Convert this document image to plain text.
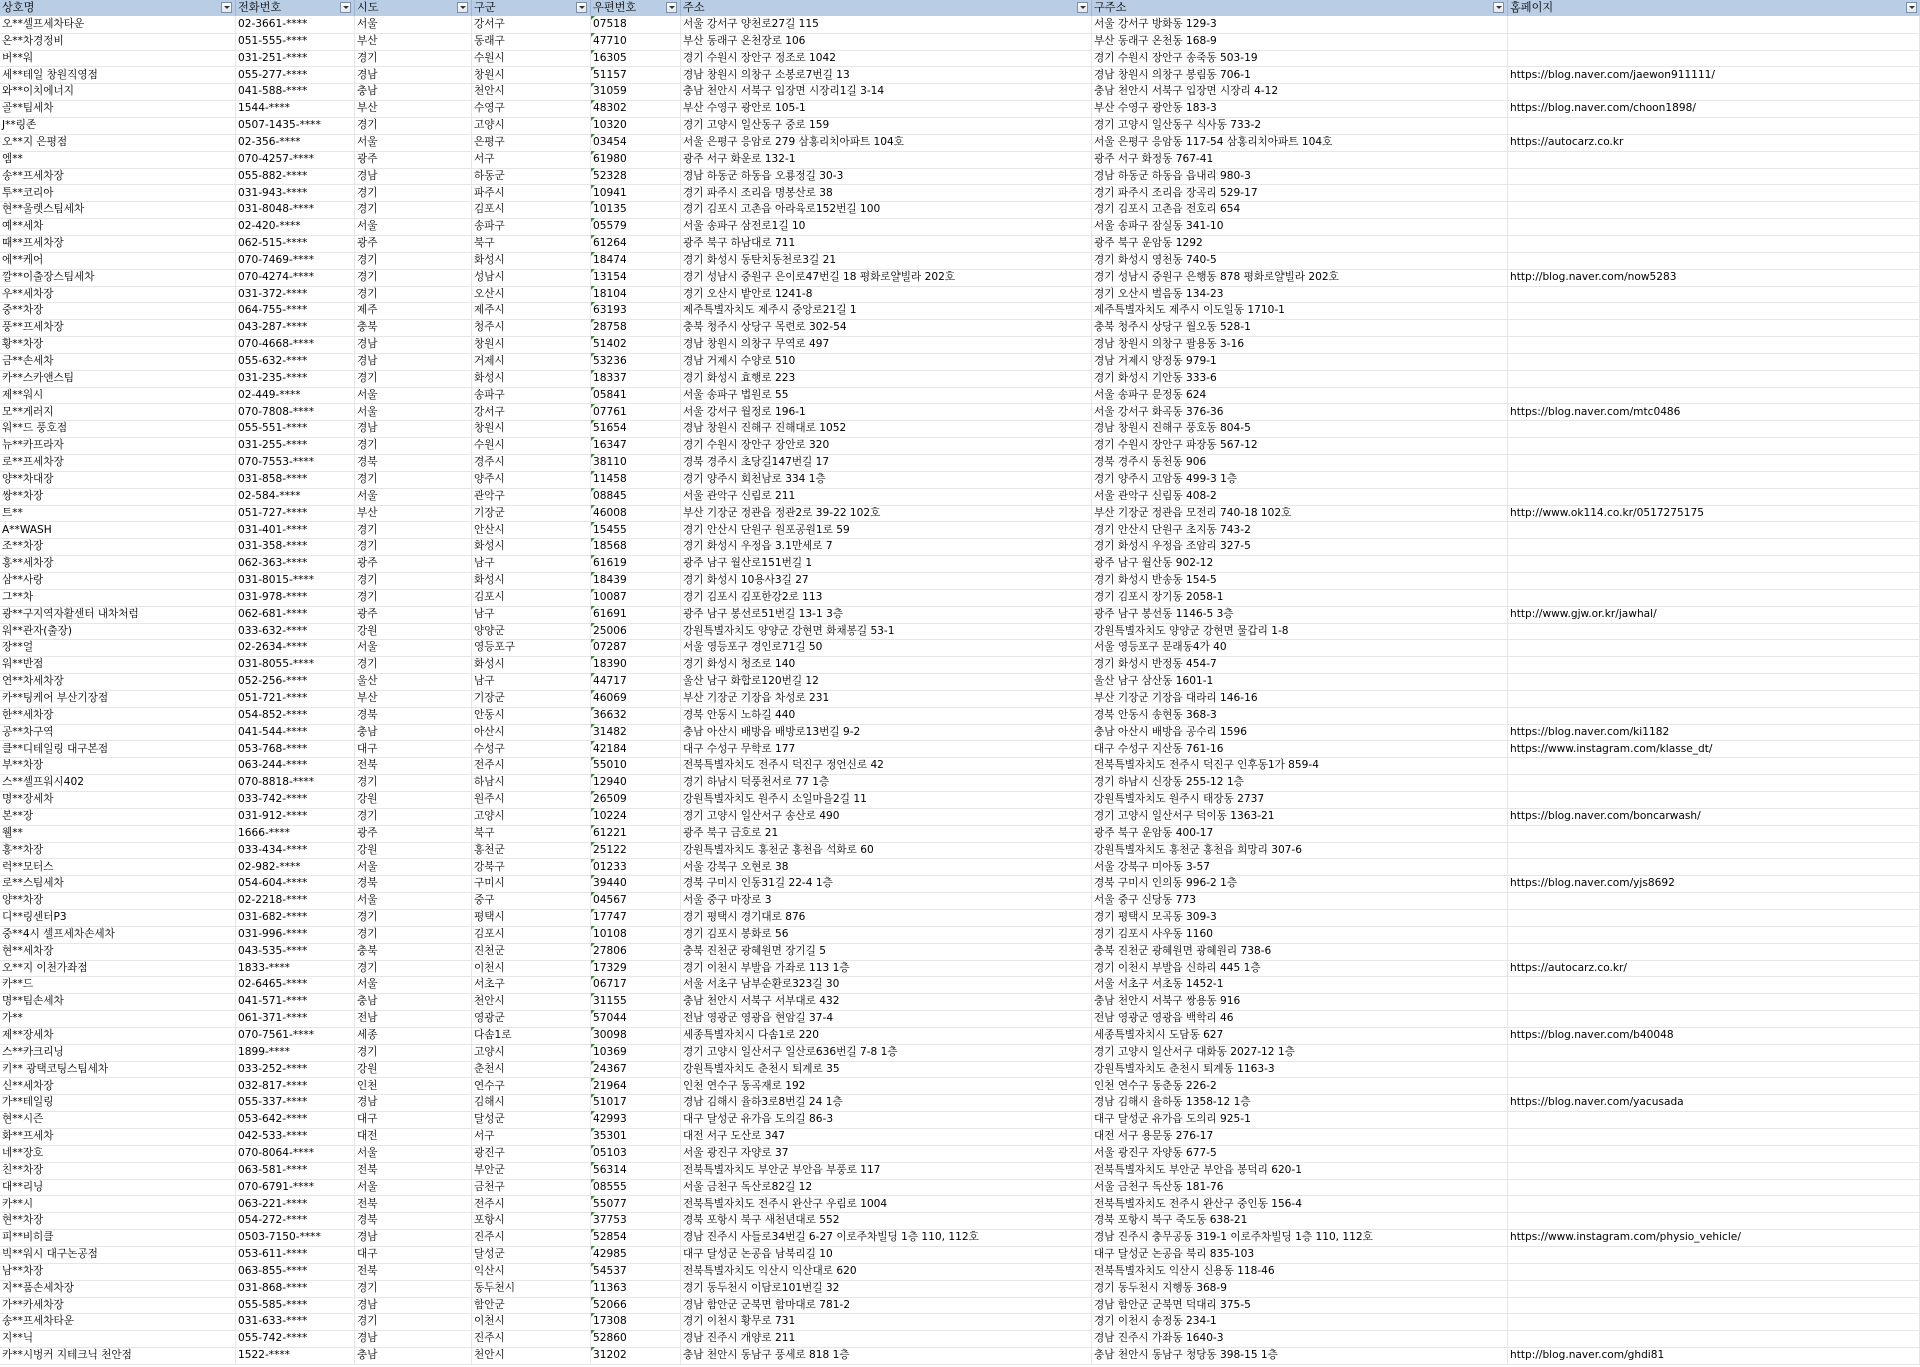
상호명	전화번호	시도	구군	우편번호	주소	구주소	홈페이지
오**셀프세차타운	02-3661-****	서울	강서구	07518	서울 강서구 양천로27길 115	서울 강서구 방화동 129-3
온**차경정비	051-555-****	부산	동래구	47710	부산 동래구 온천장로 106	부산 동래구 온천동 168-9
버**워	031-251-****	경기	수원시	16305	경기 수원시 장안구 정조로 1042	경기 수원시 장안구 송죽동 503-19
세**테일 창원직영점	055-277-****	경남	창원시	51157	경남 창원시 의창구 소봉로7번길 13	경남 창원시 의창구 봉림동 706-1	https://blog.naver.com/jaewon911111/
와**이치에너지	041-588-****	충남	천안시	31059	충남 천안시 서북구 입장면 시장리1길 3-14	충남 천안시 서북구 입장면 시장리 4-12
골**팀세차	1544-****	부산	수영구	48302	부산 수영구 광안로 105-1	부산 수영구 광안동 183-3	https://blog.naver.com/choon1898/
J**링존	0507-1435-****	경기	고양시	10320	경기 고양시 일산동구 중로 159	경기 고양시 일산동구 식사동 733-2
오**지 은평점	02-356-****	서울	은평구	03454	서울 은평구 응암로 279 삼홍리치아파트 104호	서울 은평구 응암동 117-54 삼홍리치아파트 104호	https://autocarz.co.kr
엠**	070-4257-****	광주	서구	61980	광주 서구 화운로 132-1	광주 서구 화정동 767-41
송**프세차장	055-882-****	경남	하동군	52328	경남 하동군 하동읍 오룡정길 30-3	경남 하동군 하동읍 읍내리 980-3
투**코리아	031-943-****	경기	파주시	10941	경기 파주시 조리읍 명봉산로 38	경기 파주시 조리읍 장곡리 529-17
현**울렛스팀세차	031-8048-****	경기	김포시	10135	경기 김포시 고촌읍 아라육로152번길 100	경기 김포시 고촌읍 전호리 654
예**세차	02-420-****	서울	송파구	05579	서울 송파구 삼전로1길 10	서울 송파구 잠실동 341-10
때**프세차장	062-515-****	광주	북구	61264	광주 북구 하남대로 711	광주 북구 운암동 1292
에**케어	070-7469-****	경기	화성시	18474	경기 화성시 동탄치동천로3길 21	경기 화성시 영천동 740-5
깔**이출장스팀세차	070-4274-****	경기	성남시	13154	경기 성남시 중원구 은이로47번길 18 평화로얄빌라 202호	경기 성남시 중원구 은행동 878 평화로얄빌라 202호	http://blog.naver.com/now5283
우**세차장	031-372-****	경기	오산시	18104	경기 오산시 밭안로 1241-8	경기 오산시 벌음동 134-23
중**차장	064-755-****	제주	제주시	63193	제주특별자치도 제주시 중앙로21길 1	제주특별자치도 제주시 이도일동 1710-1
풍**프세차장	043-287-****	충북	청주시	28758	충북 청주시 상당구 목련로 302-54	충북 청주시 상당구 월오동 528-1
황**차장	070-4668-****	경남	창원시	51402	경남 창원시 의창구 무역로 497	경남 창원시 의창구 팔용동 3-16
금**손세차	055-632-****	경남	거제시	53236	경남 거제시 수양로 510	경남 거제시 양정동 979-1
카**스카앤스팀	031-235-****	경기	화성시	18337	경기 화성시 효행로 223	경기 화성시 기안동 333-6
제**워시	02-449-****	서울	송파구	05841	서울 송파구 법원로 55	서울 송파구 문정동 624
모**게러지	070-7808-****	서울	강서구	07761	서울 강서구 월정로 196-1	서울 강서구 화곡동 376-36	https://blog.naver.com/mtc0486
워**드 풍호점	055-551-****	경남	창원시	51654	경남 창원시 진해구 진해대로 1052	경남 창원시 진해구 풍호동 804-5
뉴**카프라자	031-255-****	경기	수원시	16347	경기 수원시 장안구 장안로 320	경기 수원시 장안구 파장동 567-12
로**프세차장	070-7553-****	경북	경주시	38110	경북 경주시 초당길147번길 17	경북 경주시 동천동 906
양**차대장	031-858-****	경기	양주시	11458	경기 양주시 회천남로 334 1층	경기 양주시 고암동 499-3 1층
쌍**차장	02-584-****	서울	관악구	08845	서울 관악구 신림로 211	서울 관악구 신림동 408-2
트**	051-727-****	부산	기장군	46008	부산 기장군 정관읍 정관2로 39-22 102호	부산 기장군 정관읍 모전리 740-18 102호	http://www.ok114.co.kr/0517275175
A**WASH	031-401-****	경기	안산시	15455	경기 안산시 단원구 원포공원1로 59	경기 안산시 단원구 초지동 743-2
조**차장	031-358-****	경기	화성시	18568	경기 화성시 우정읍 3.1만세로 7	경기 화성시 우정읍 조암리 327-5
홍**세차장	062-363-****	광주	남구	61619	광주 남구 월산로151번길 1	광주 남구 월산동 902-12
삼**사랑	031-8015-****	경기	화성시	18439	경기 화성시 10용사3길 27	경기 화성시 반송동 154-5
그**차	031-978-****	경기	김포시	10087	경기 김포시 김포한강2로 113	경기 김포시 장기동 2058-1
광**구지역자활센터 내차처럼	062-681-****	광주	남구	61691	광주 남구 봉선로51번길 13-1 3층	광주 남구 봉선동 1146-5 3층	http://www.gjw.or.kr/jawhal/
워**관자(출장)	033-632-****	강원	양양군	25006	강원특별자치도 양양군 강현면 화채봉길 53-1	강원특별자치도 양양군 강현면 물갑리 1-8
장**얼	02-2634-****	서울	영등포구	07287	서울 영등포구 경인로71길 50	서울 영등포구 문래동4가 40
워**반점	031-8055-****	경기	화성시	18390	경기 화성시 청조로 140	경기 화성시 반정동 454-7
연**차세차장	052-256-****	울산	남구	44717	울산 남구 화합로120번길 12	울산 남구 삼산동 1601-1
카**팅케어 부산기장점	051-721-****	부산	기장군	46069	부산 기장군 기장읍 차성로 231	부산 기장군 기장읍 대라리 146-16
한**세차장	054-852-****	경북	안동시	36632	경북 안동시 노하길 440	경북 안동시 송현동 368-3
공**차구역	041-544-****	충남	아산시	31482	충남 아산시 배방읍 배방로13번길 9-2	충남 아산시 배방읍 공수리 1596	https://blog.naver.com/ki1182
클**디테일링 대구본점	053-768-****	대구	수성구	42184	대구 수성구 무학로 177	대구 수성구 지산동 761-16	https://www.instagram.com/klasse_dt/
부**차장	063-244-****	전북	전주시	55010	전북특별자치도 전주시 덕진구 정언신로 42	전북특별자치도 전주시 덕진구 인후동1가 859-4
스**셀프워시402	070-8818-****	경기	하남시	12940	경기 하남시 덕풍천서로 77 1층	경기 하남시 신장동 255-12 1층
명**장세차	033-742-****	강원	원주시	26509	강원특별자치도 원주시 소일마을2길 11	강원특별자치도 원주시 태장동 2737
본**장	031-912-****	경기	고양시	10224	경기 고양시 일산서구 송산로 490	경기 고양시 일산서구 덕이동 1363-21	https://blog.naver.com/boncarwash/
웰**	1666-****	광주	북구	61221	광주 북구 금호로 21	광주 북구 운암동 400-17
홍**차장	033-434-****	강원	홍천군	25122	강원특별자치도 홍천군 홍천읍 석화로 60	강원특별자치도 홍천군 홍천읍 희망리 307-6
럭**모터스	02-982-****	서울	강북구	01233	서울 강북구 오현로 38	서울 강북구 미아동 3-57
로**스팀세차	054-604-****	경북	구미시	39440	경북 구미시 인동31길 22-4 1층	경북 구미시 인의동 996-2 1층	https://blog.naver.com/yjs8692
양**차장	02-2218-****	서울	중구	04567	서울 중구 마장로 3	서울 중구 신당동 773
디**링센터P3	031-682-****	경기	평택시	17747	경기 평택시 경기대로 876	경기 평택시 모곡동 309-3
중**4시 셀프세차손세차	031-996-****	경기	김포시	10108	경기 김포시 봉화로 56	경기 김포시 사우동 1160
현**세차장	043-535-****	충북	진천군	27806	충북 진천군 광혜원면 장기길 5	충북 진천군 광혜원면 광혜원리 738-6
오**지 이천가좌점	1833-****	경기	이천시	17329	경기 이천시 부발읍 가좌로 113 1층	경기 이천시 부발읍 신하리 445 1층	https://autocarz.co.kr/
카**드	02-6465-****	서울	서초구	06717	서울 서초구 남부순환로323길 30	서울 서초구 서초동 1452-1
명**팀손세차	041-571-****	충남	천안시	31155	충남 천안시 서북구 서부대로 432	충남 천안시 서북구 쌍용동 916
가**	061-371-****	전남	영광군	57044	전남 영광군 영광읍 현암길 37-4	전남 영광군 영광읍 백학리 46
제**장세차	070-7561-****	세종	다솜1로	30098	세종특별자치시 다솜1로 220	세종특별자치시 도담동 627	https://blog.naver.com/b40048
스**카크리닝	1899-****	경기	고양시	10369	경기 고양시 일산서구 일산로636번길 7-8 1층	경기 고양시 일산서구 대화동 2027-12 1층
키** 광택코팅스팀세차	033-252-****	강원	춘천시	24367	강원특별자치도 춘천시 퇴계로 35	강원특별자치도 춘천시 퇴계동 1163-3
신**세차장	032-817-****	인천	연수구	21964	인천 연수구 동곡재로 192	인천 연수구 동춘동 226-2
가**테일링	055-337-****	경남	김해시	51017	경남 김해시 율하3로8번길 24 1층	경남 김해시 율하동 1358-12 1층	https://blog.naver.com/yacusada
현**시즌	053-642-****	대구	달성군	42993	대구 달성군 유가읍 도의길 86-3	대구 달성군 유가읍 도의리 925-1
화**프세차	042-533-****	대전	서구	35301	대전 서구 도산로 347	대전 서구 용문동 276-17
네**장호	070-8064-****	서울	광진구	05103	서울 광진구 자양로 37	서울 광진구 자양동 677-5
친**차장	063-581-****	전북	부안군	56314	전북특별자치도 부안군 부안읍 부풍로 117	전북특별자치도 부안군 부안읍 봉덕리 620-1
대**리닝	070-6791-****	서울	금천구	08555	서울 금천구 독산로82길 12	서울 금천구 독산동 181-76
카**시	063-221-****	전북	전주시	55077	전북특별자치도 전주시 완산구 우림로 1004	전북특별자치도 전주시 완산구 중인동 156-4
현**차장	054-272-****	경북	포항시	37753	경북 포항시 북구 새천년대로 552	경북 포항시 북구 죽도동 638-21
피**비히클	0503-7150-****	경남	진주시	52854	경남 진주시 사들로34번길 6-27 이로주차빌딩 1층 110, 112호	경남 진주시 충무공동 319-1 이로주차빌딩 1층 110, 112호	https://www.instagram.com/physio_vehicle/
빅**워시 대구논공점	053-611-****	대구	달성군	42985	대구 달성군 논공읍 남북리길 10	대구 달성군 논공읍 북리 835-103
남**차장	063-855-****	전북	익산시	54537	전북특별자치도 익산시 익산대로 620	전북특별자치도 익산시 신용동 118-46
지**품손세차장	031-868-****	경기	동두천시	11363	경기 동두천시 이담로101번길 32	경기 동두천시 지행동 368-9
가**카세차장	055-585-****	경남	함안군	52066	경남 함안군 군북면 함마대로 781-2	경남 함안군 군북면 덕대리 375-5
송**프세차타운	031-633-****	경기	이천시	17308	경기 이천시 황무로 731	경기 이천시 송정동 234-1
지**닉	055-742-****	경남	진주시	52860	경남 진주시 개양로 211	경남 진주시 가좌동 1640-3
카**시벙커 지테크닉 천안점	1522-****	충남	천안시	31202	충남 천안시 동남구 풍세로 818 1층	충남 천안시 동남구 청당동 398-15 1층	http://blog.naver.com/ghdi81
